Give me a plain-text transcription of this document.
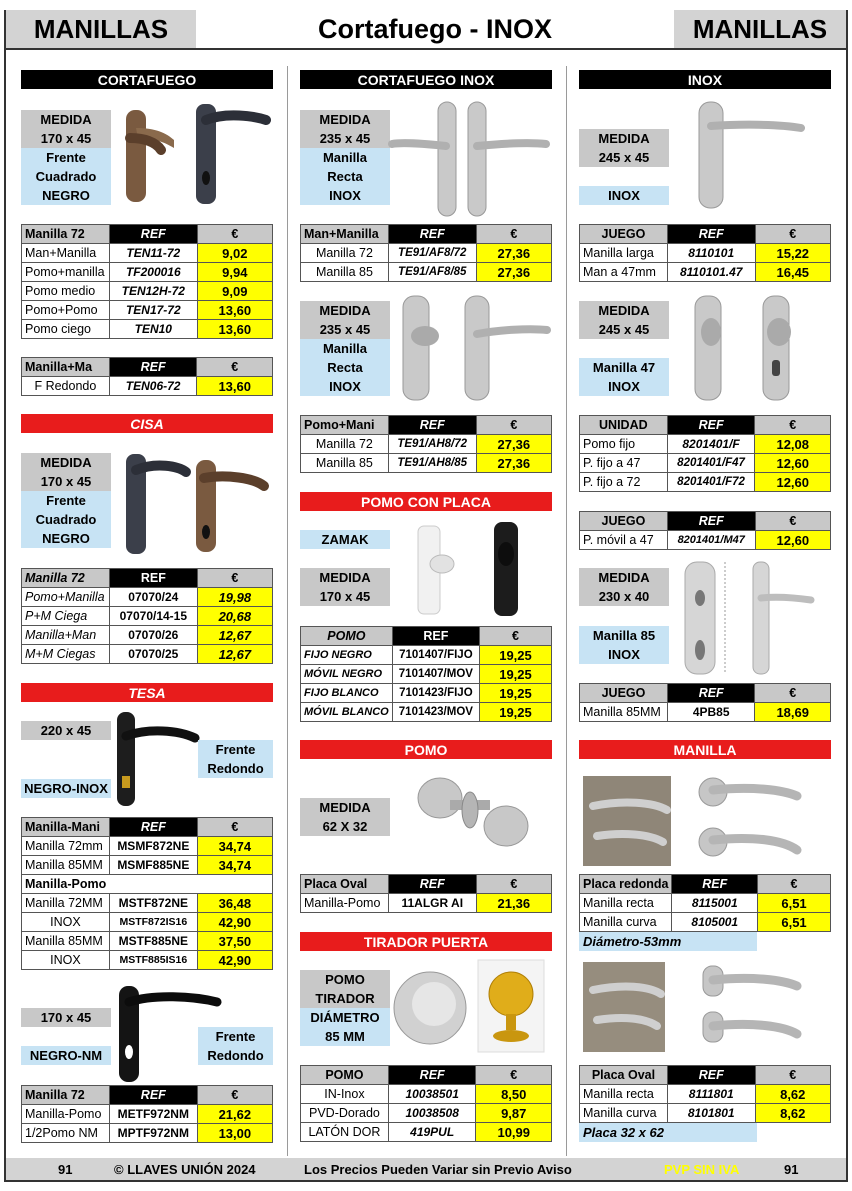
MANILLAS	Cortafuego - INOX	MANILLAS
CORTAFUEGO
MEDIDA
170 x 45
Frente
Cuadrado
NEGRO
Manilla 72	REF	€
Man+Manilla	TEN11-72	9,02
Pomo+manilla	TF200016	9,94
Pomo medio	TEN12H-72	9,09
Pomo+Pomo	TEN17-72	13,60
Pomo ciego	TEN10	13,60
Manilla+Ma	REF	€
F Redondo	TEN06-72	13,60
CISA
MEDIDA
170 x 45
Frente
Cuadrado
NEGRO
Manilla 72	REF	€
Pomo+Manilla	07070/24	19,98
P+M Ciega	07070/14-15	20,68
Manilla+Man	07070/26	12,67
M+M Ciegas	07070/25	12,67
TESA
220 x 45
Frente
Redondo
NEGRO-INOX
Manilla-Mani	REF	€
Manilla 72mm	MSMF872NE	34,74
Manilla 85MM	MSMF885NE	34,74
Manilla-Pomo		
Manilla 72MM	MSTF872NE	36,48
INOX	MSTF872IS16	42,90
Manilla 85MM	MSTF885NE	37,50
INOX	MSTF885IS16	42,90
170 x 45
Frente
Redondo
NEGRO-NM
Manilla 72	REF	€
Manilla-Pomo	METF972NM	21,62
1/2Pomo NM	MPTF972NM	13,00
CORTAFUEGO INOX
MEDIDA
235 x 45
Manilla
Recta
INOX
Man+Manilla	REF	€
Manilla 72	TE91/AF8/72	27,36
Manilla 85	TE91/AF8/85	27,36
MEDIDA
235 x 45
Manilla
Recta
INOX
Pomo+Mani	REF	€
Manilla 72	TE91/AH8/72	27,36
Manilla 85	TE91/AH8/85	27,36
POMO CON PLACA
ZAMAK
MEDIDA
170 x 45
POMO	REF	€
FIJO NEGRO	7101407/FIJO	19,25
MÓVIL NEGRO	7101407/MOV	19,25
FIJO BLANCO	7101423/FIJO	19,25
MÓVIL BLANCO	7101423/MOV	19,25
POMO
MEDIDA
62 X 32
Placa Oval	REF	€
Manilla-Pomo	11ALGR AI	21,36
TIRADOR PUERTA
POMO
TIRADOR
DIÁMETRO
85 MM
POMO	REF	€
IN-Inox	10038501	8,50
PVD-Dorado	10038508	9,87
LATÓN DOR	419PUL	10,99
INOX
MEDIDA
245 x 45
INOX
JUEGO	REF	€
Manilla larga	8110101	15,22
Man a 47mm	8110101.47	16,45
MEDIDA
245 x 45
Manilla 47
INOX
UNIDAD	REF	€
Pomo fijo	8201401/F	12,08
P. fijo a 47	8201401/F47	12,60
P. fijo a 72	8201401/F72	12,60
JUEGO	REF	€
P. móvil a 47	8201401/M47	12,60
MEDIDA
230 x 40
Manilla 85
INOX
JUEGO	REF	€
Manilla 85MM	4PB85	18,69
MANILLA
Placa redonda	REF	€
Manilla recta	8115001	6,51
Manilla curva	8105001	6,51
Diámetro-53mm
Placa Oval	REF	€
Manilla recta	8111801	8,62
Manilla curva	8101801	8,62
Placa 32 x 62
91	© LLAVES UNIÓN 2024	Los Precios Pueden Variar sin Previo Aviso	PVP SIN IVA	91
